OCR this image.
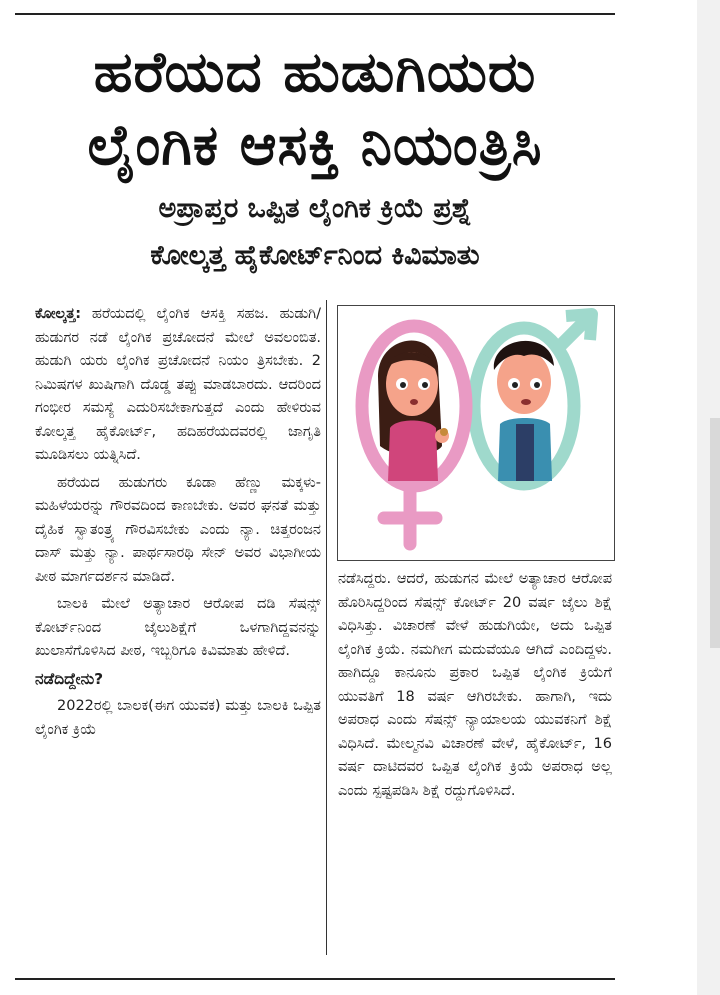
ಹರೆಯದ ಹುಡುಗಿಯರು
ಲೈಂಗಿಕ ಆಸಕ್ತಿ ನಿಯಂತ್ರಿಸಿ
ಅಪ್ರಾಪ್ತರ ಒಪ್ಪಿತ ಲೈಂಗಿಕ ಕ್ರಿಯೆ ಪ್ರಶ್ನೆ
ಕೋಲ್ಕತ್ತ ಹೈಕೋರ್ಟ್‌ನಿಂದ ಕಿವಿಮಾತು

ಕೋಲ್ಕತ್ತ: ಹರೆಯದಲ್ಲಿ ಲೈಂಗಿಕ ಆಸಕ್ತಿ ಸಹಜ. ಹುಡುಗಿ/ಹುಡುಗರ ನಡೆ ಲೈಂಗಿಕ ಪ್ರಚೋದನೆ ಮೇಲೆ ಅವಲಂಬಿತ. ಹುಡುಗಿ ಯರು ಲೈಂಗಿಕ ಪ್ರಚೋದನೆ ನಿಯಂ ತ್ರಿಸಬೇಕು. 2 ನಿಮಿಷಗಳ ಖುಷಿಗಾಗಿ ದೊಡ್ಡ ತಪ್ಪು ಮಾಡಬಾರದು. ಆದರಿಂದ ಗಂಭೀರ ಸಮಸ್ಯೆ ಎದುರಿಸಬೇಕಾಗುತ್ತದೆ ಎಂದು ಹೇಳಿರುವ ಕೋಲ್ಕತ್ತ ಹೈಕೋರ್ಟ್, ಹದಿಹರೆಯದವರಲ್ಲಿ ಜಾಗೃತಿ ಮೂಡಿಸಲು ಯತ್ನಿಸಿದೆ.

ಹರೆಯದ ಹುಡುಗರು ಕೂಡಾ ಹೆಣ್ಣು ಮಕ್ಕಳು-ಮಹಿಳೆಯರನ್ನು ಗೌರವದಿಂದ ಕಾಣಬೇಕು. ಅವರ ಘನತೆ ಮತ್ತು ದೈಹಿಕ ಸ್ವಾತಂತ್ರ್ಯ ಗೌರವಿಸಬೇಕು ಎಂದು ನ್ಯಾ. ಚಿತ್ತರಂಜನ ದಾಸ್ ಮತ್ತು ನ್ಯಾ. ಪಾರ್ಥಸಾರಥಿ ಸೇನ್ ಅವರ ವಿಭಾಗೀಯ ಪೀಠ ಮಾರ್ಗದರ್ಶನ ಮಾಡಿದೆ.

ಬಾಲಕಿ ಮೇಲೆ ಅತ್ಯಾಚಾರ ಆರೋಪ ದಡಿ ಸೆಷನ್ಸ್ ಕೋರ್ಟ್‌ನಿಂದ ಜೈಲುಶಿಕ್ಷೆಗೆ ಒಳಗಾಗಿದ್ದವನನ್ನು ಖುಲಾಸೆಗೊಳಿಸಿದ ಪೀಠ, ಇಬ್ಬರಿಗೂ ಕಿವಿಮಾತು ಹೇಳಿದೆ.

ನಡೆದಿದ್ದೇನು?

2022ರಲ್ಲಿ ಬಾಲಕ(ಈಗ ಯುವಕ) ಮತ್ತು ಬಾಲಕಿ ಒಪ್ಪಿತ ಲೈಂಗಿಕ ಕ್ರಿಯೆ

ನಡೆಸಿದ್ದರು. ಆದರೆ, ಹುಡುಗನ ಮೇಲೆ ಅತ್ಯಾಚಾರ ಆರೋಪ ಹೊರಿಸಿದ್ದರಿಂದ ಸೆಷನ್ಸ್ ಕೋರ್ಟ್ 20 ವರ್ಷ ಜೈಲು ಶಿಕ್ಷೆ ವಿಧಿಸಿತ್ತು. ವಿಚಾರಣೆ ವೇಳೆ ಹುಡುಗಿಯೇ, ಅದು ಒಪ್ಪಿತ ಲೈಂಗಿಕ ಕ್ರಿಯೆ. ನಮಗೀಗ ಮದುವೆಯೂ ಆಗಿದೆ ಎಂದಿದ್ದಳು. ಹಾಗಿದ್ದೂ ಕಾನೂನು ಪ್ರಕಾರ ಒಪ್ಪಿತ ಲೈಂಗಿಕ ಕ್ರಿಯೆಗೆ ಯುವತಿಗೆ 18 ವರ್ಷ ಆಗಿರಬೇಕು. ಹಾಗಾಗಿ, ಇದು ಅಪರಾಧ ಎಂದು ಸೆಷನ್ಸ್ ನ್ಯಾಯಾಲಯ ಯುವಕನಿಗೆ ಶಿಕ್ಷೆ ವಿಧಿಸಿದೆ. ಮೇಲ್ಮನವಿ ವಿಚಾರಣೆ ವೇಳೆ, ಹೈಕೋರ್ಟ್, 16 ವರ್ಷ ದಾಟಿದವರ ಒಪ್ಪಿತ ಲೈಂಗಿಕ ಕ್ರಿಯೆ ಅಪರಾಧ ಅಲ್ಲ ಎಂದು ಸ್ಪಷ್ಟಪಡಿಸಿ ಶಿಕ್ಷೆ ರದ್ದುಗೊಳಿಸಿದೆ.
